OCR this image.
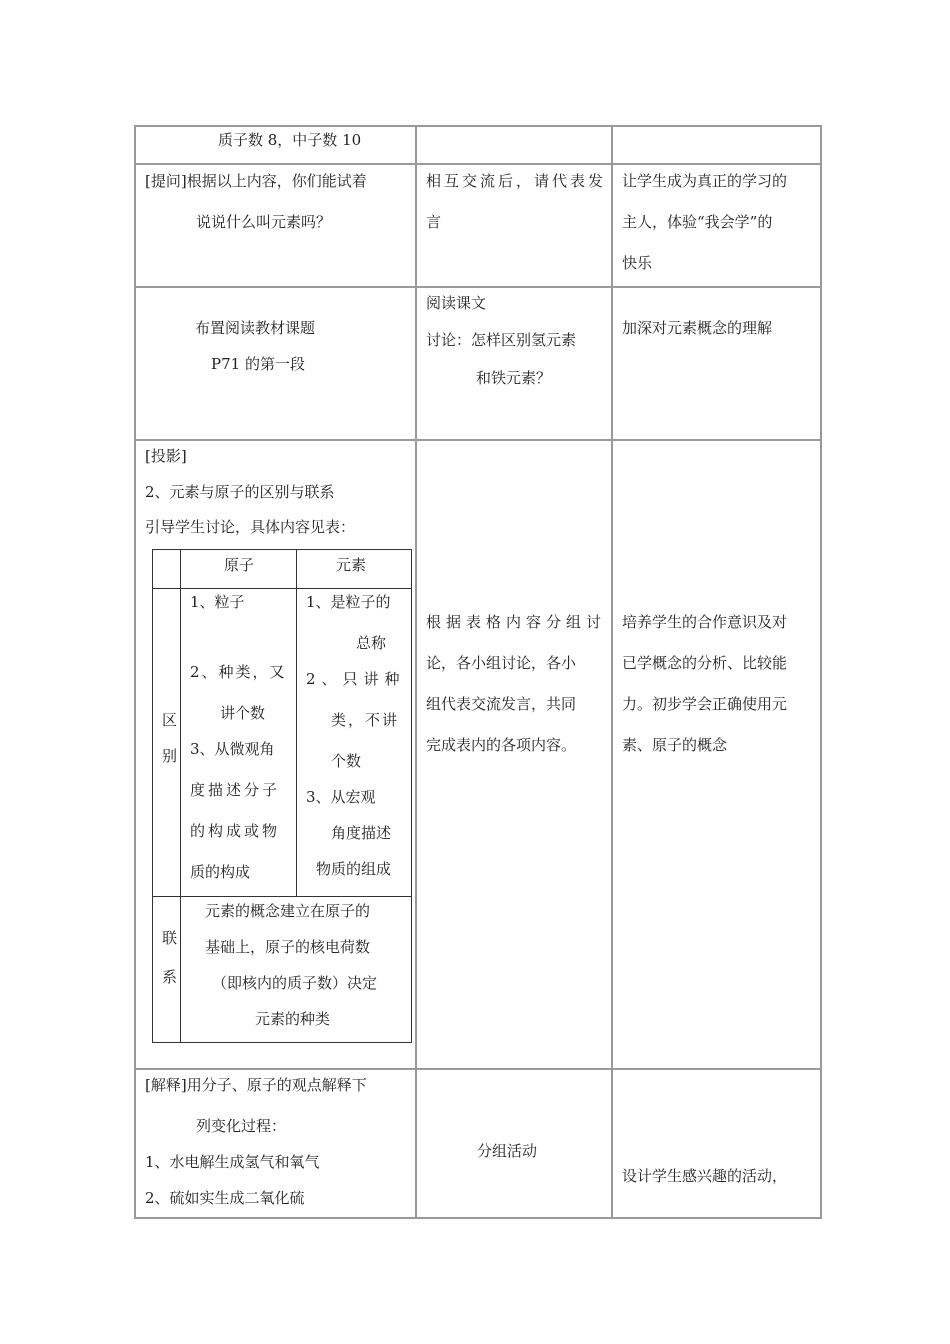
质子数 8，中子数 10
[提问]根据以上内容，你们能试着
说说什么叫元素吗？
相互交流后，请代表发
言
让学生成为真正的学习的
主人，体验“我会学”的
快乐
布置阅读教材课题
P71 的第一段
阅读课文
讨论：怎样区别氢元素
和铁元素？
加深对元素概念的理解
[投影]
2、元素与原子的区别与联系
引导学生讨论，具体内容见表：
原子	元素
区
别
1、粒子
2、种类，又
讲个数
3、从微观角
度描述分子
的构成或物
质的构成
1、是粒子的
总称
2、只讲种
类，不讲
个数
3、从宏观
角度描述
物质的组成
联
系
元素的概念建立在原子的
基础上，原子的核电荷数
（即核内的质子数）决定
元素的种类
根据表格内容分组讨
论，各小组讨论，各小
组代表交流发言，共同
完成表内的各项内容。
培养学生的合作意识及对
已学概念的分析、比较能
力。初步学会正确使用元
素、原子的概念
[解释]用分子、原子的观点解释下
列变化过程：
1、水电解生成氢气和氧气
2、硫如实生成二氧化硫
分组活动
设计学生感兴趣的活动，
